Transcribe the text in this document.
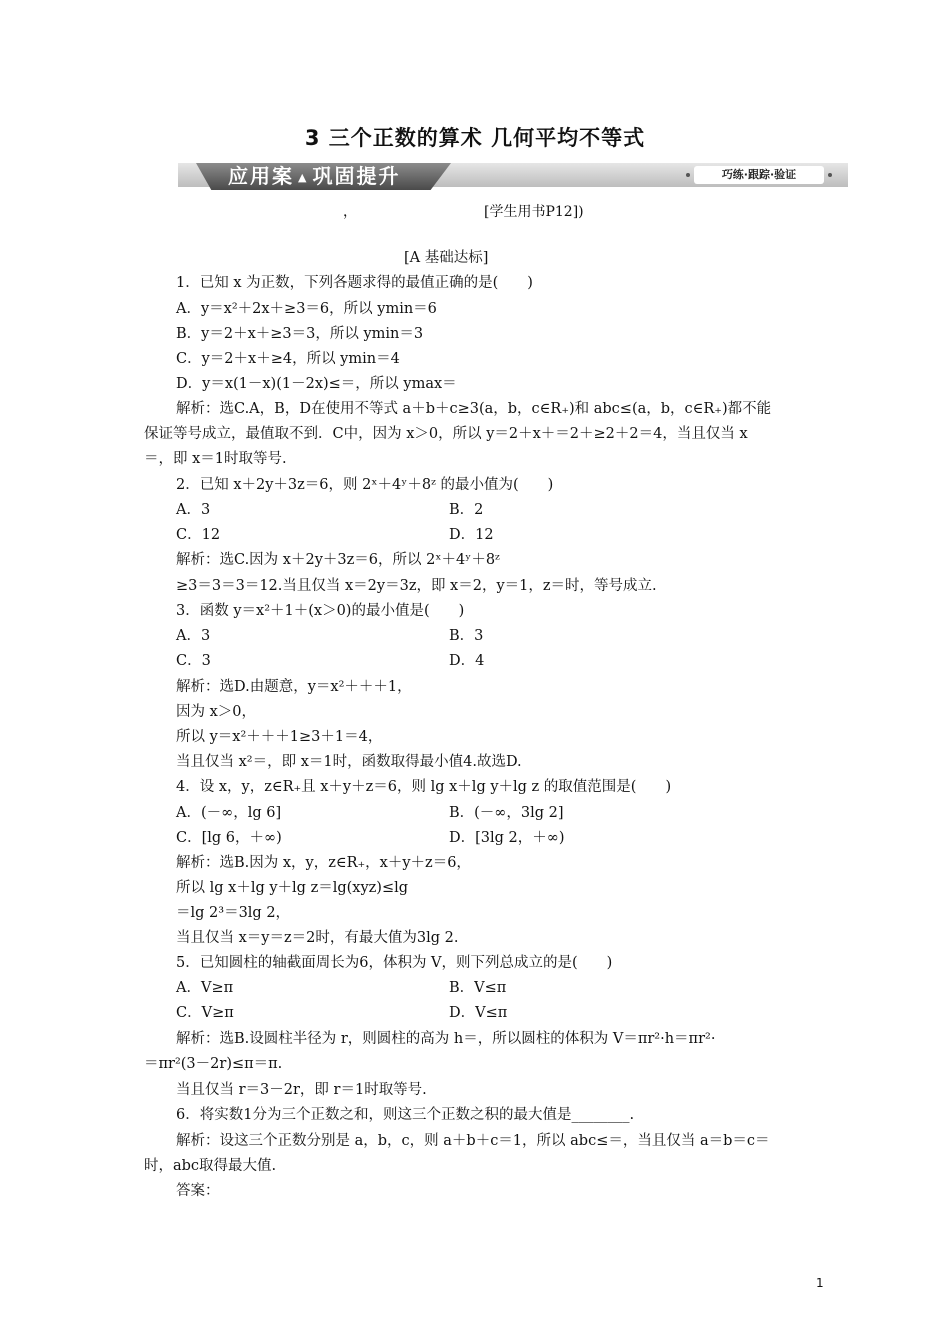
3 三个正数的算术 几何平均不等式
应用案 ▲ 巩固提升	巧练·跟踪·验证
，	[学生用书P12])
[A 基础达标]
1．已知 x 为正数，下列各题求得的最值正确的是(　　)
A．y＝x²＋2x＋≥3＝6，所以 ymin＝6
B．y＝2＋x＋≥3＝3，所以 ymin＝3
C．y＝2＋x＋≥4，所以 ymin＝4
D．y＝x(1－x)(1－2x)≤＝，所以 ymax＝
解析：选C.A，B，D在使用不等式 a＋b＋c≥3(a，b，c∈R₊)和 abc≤(a，b，c∈R₊)都不能
保证等号成立，最值取不到．C中，因为 x＞0，所以 y＝2＋x＋＝2＋≥2＋2＝4，当且仅当 x
＝，即 x＝1时取等号.
2．已知 x＋2y＋3z＝6，则 2ˣ＋4ʸ＋8ᶻ 的最小值为(　　)
A．3	B．2
C．12	D．12
解析：选C.因为 x＋2y＋3z＝6，所以 2ˣ＋4ʸ＋8ᶻ
≥3＝3＝3＝12.当且仅当 x＝2y＝3z，即 x＝2，y＝1，z＝时，等号成立.
3．函数 y＝x²＋1＋(x＞0)的最小值是(　　)
A．3	B．3
C．3	D．4
解析：选D.由题意，y＝x²＋＋＋1，
因为 x＞0，
所以 y＝x²＋＋＋1≥3＋1＝4，
当且仅当 x²＝，即 x＝1时，函数取得最小值4.故选D.
4．设 x，y，z∈R₊且 x＋y＋z＝6，则 lg x＋lg y＋lg z 的取值范围是(　　)
A．(－∞，lg 6]	B．(－∞，3lg 2]
C．[lg 6，＋∞)	D．[3lg 2，＋∞)
解析：选B.因为 x，y，z∈R₊，x＋y＋z＝6，
所以 lg x＋lg y＋lg z＝lg(xyz)≤lg
＝lg 2³＝3lg 2，
当且仅当 x＝y＝z＝2时，有最大值为3lg 2.
5．已知圆柱的轴截面周长为6，体积为 V，则下列总成立的是(　　)
A．V≥π	B．V≤π
C．V≥π	D．V≤π
解析：选B.设圆柱半径为 r，则圆柱的高为 h＝，所以圆柱的体积为 V＝πr²·h＝πr²·
＝πr²(3－2r)≤π＝π.
当且仅当 r＝3－2r，即 r＝1时取等号.
6．将实数1分为三个正数之和，则这三个正数之积的最大值是________.
解析：设这三个正数分别是 a，b，c，则 a＋b＋c＝1，所以 abc≤＝，当且仅当 a＝b＝c＝
时，abc取得最大值.
答案：
1
